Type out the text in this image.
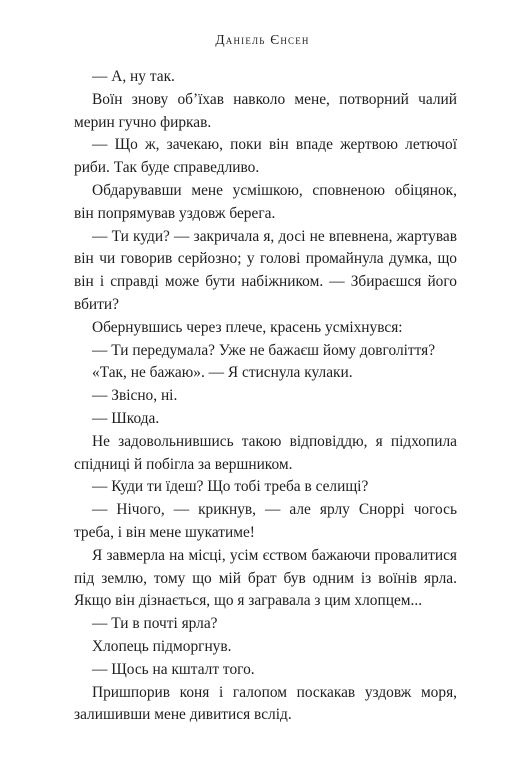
Даніель Єнсен

— А, ну так.

Воїн знову об’їхав навколо мене, потворний чалий мерин гучно фиркав.

— Що ж, зачекаю, поки він впаде жертвою летючої риби. Так буде справедливо.

Обдарувавши мене усмішкою, сповненою обіцянок, він попрямував уздовж берега.

— Ти куди? — закричала я, досі не впевнена, жартував він чи говорив серйозно; у голові промайнула думка, що він і справді може бути набіжником. — Збираєшся його вбити?

Обернувшись через плече, красень усміхнувся:

— Ти передумала? Уже не бажаєш йому довголіття?

«Так, не бажаю». — Я стиснула кулаки.

— Звісно, ні.

— Шкода.

Не задовольнившись такою відповіддю, я підхопила спідниці й побігла за вершником.

— Куди ти їдеш? Що тобі треба в селищі?

— Нічого, — крикнув, — але ярлу Сноррі чогось треба, і він мене шукатиме!

Я завмерла на місці, усім єством бажаючи провалитися під землю, тому що мій брат був одним із воїнів ярла. Якщо він дізнається, що я загравала з цим хлопцем...

— Ти в почті ярла?

Хлопець підморгнув.

— Щось на кшталт того.

Пришпорив коня і галопом поскакав уздовж моря, залишивши мене дивитися вслід.
